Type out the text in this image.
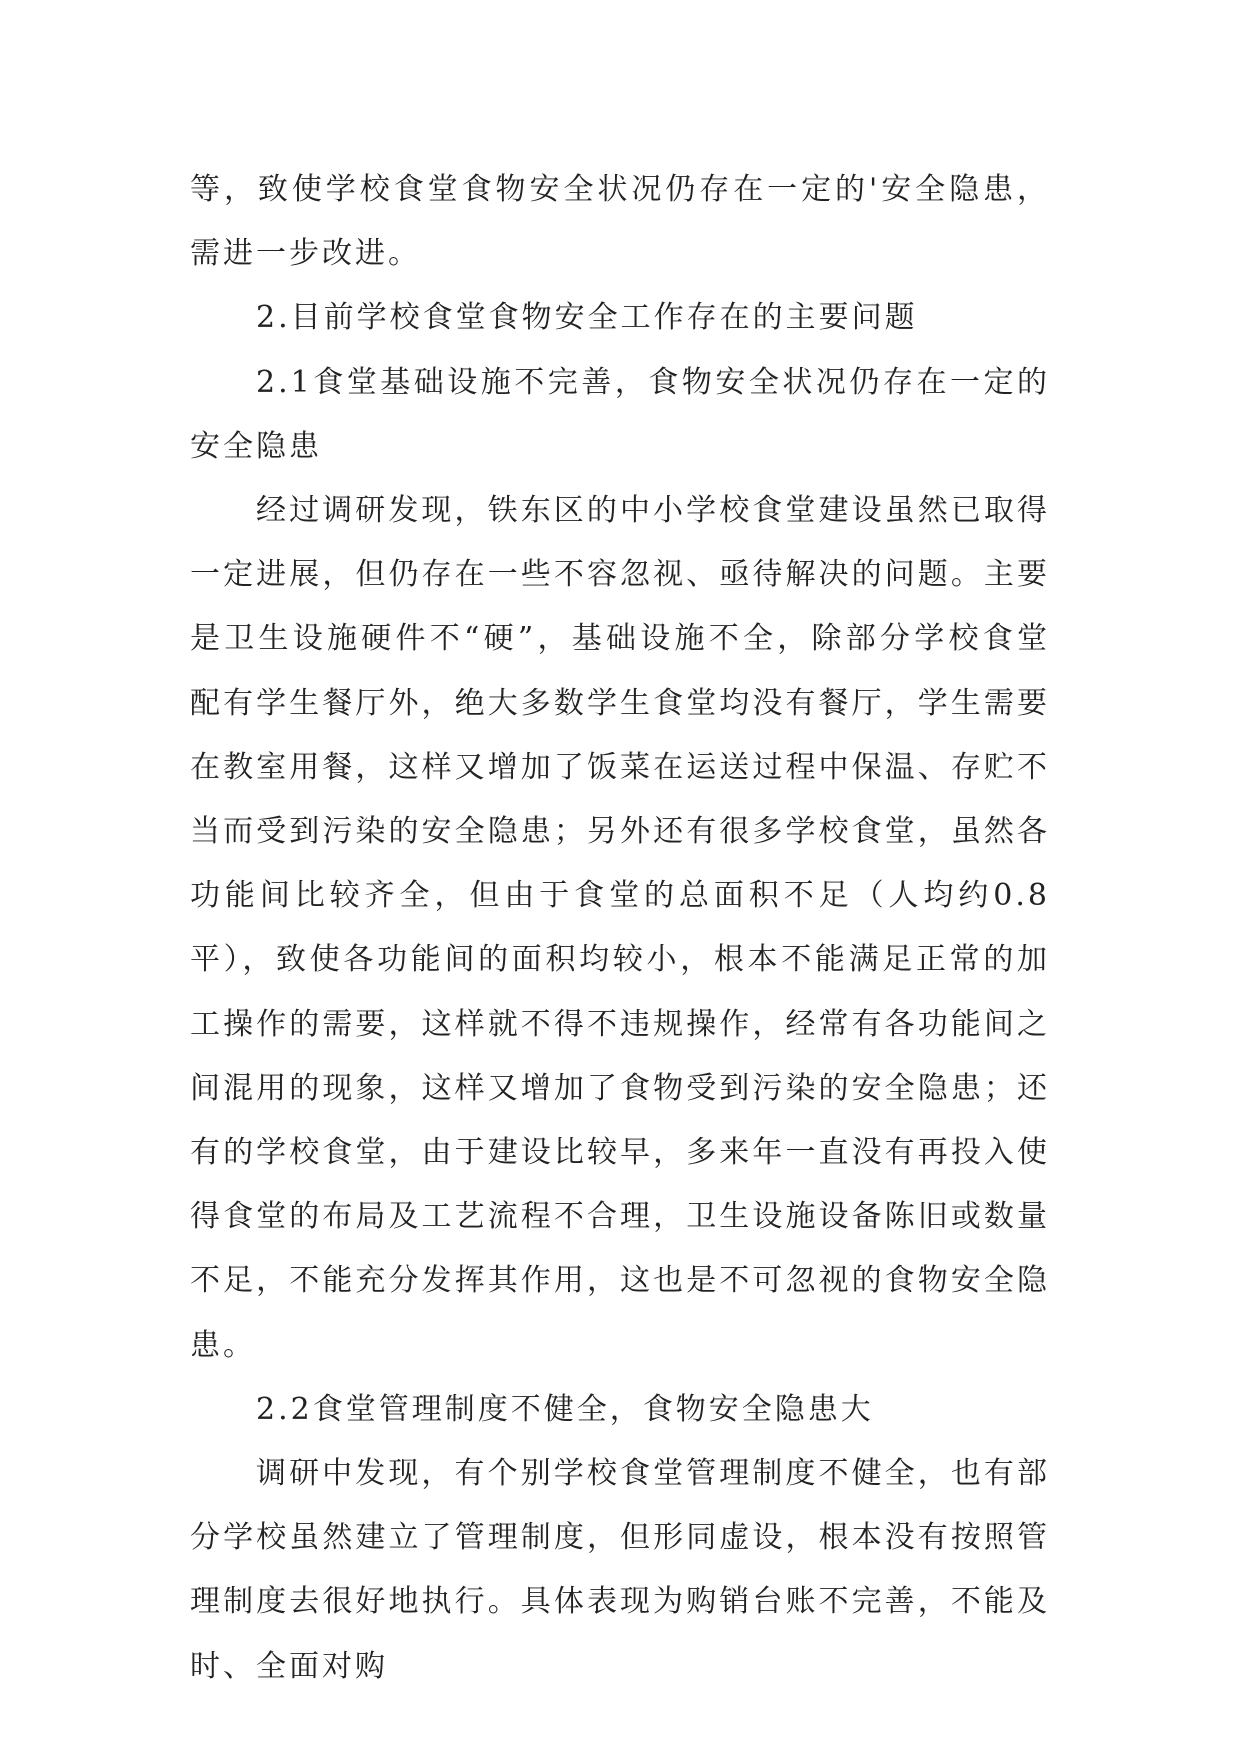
等，致使学校食堂食物安全状况仍存在一定的'安全隐患，需进一步改进。

2.目前学校食堂食物安全工作存在的主要问题

2.1食堂基础设施不完善，食物安全状况仍存在一定的安全隐患

经过调研发现，铁东区的中小学校食堂建设虽然已取得一定进展，但仍存在一些不容忽视、亟待解决的问题。主要是卫生设施硬件不“硬”，基础设施不全，除部分学校食堂配有学生餐厅外，绝大多数学生食堂均没有餐厅，学生需要在教室用餐，这样又增加了饭菜在运送过程中保温、存贮不当而受到污染的安全隐患；另外还有很多学校食堂，虽然各功能间比较齐全，但由于食堂的总面积不足（人均约0.8平），致使各功能间的面积均较小，根本不能满足正常的加工操作的需要，这样就不得不违规操作，经常有各功能间之间混用的现象，这样又增加了食物受到污染的安全隐患；还有的学校食堂，由于建设比较早，多来年一直没有再投入使得食堂的布局及工艺流程不合理，卫生设施设备陈旧或数量不足，不能充分发挥其作用，这也是不可忽视的食物安全隐患。

2.2食堂管理制度不健全，食物安全隐患大

调研中发现，有个别学校食堂管理制度不健全，也有部分学校虽然建立了管理制度，但形同虚设，根本没有按照管理制度去很好地执行。具体表现为购销台账不完善，不能及时、全面对购
